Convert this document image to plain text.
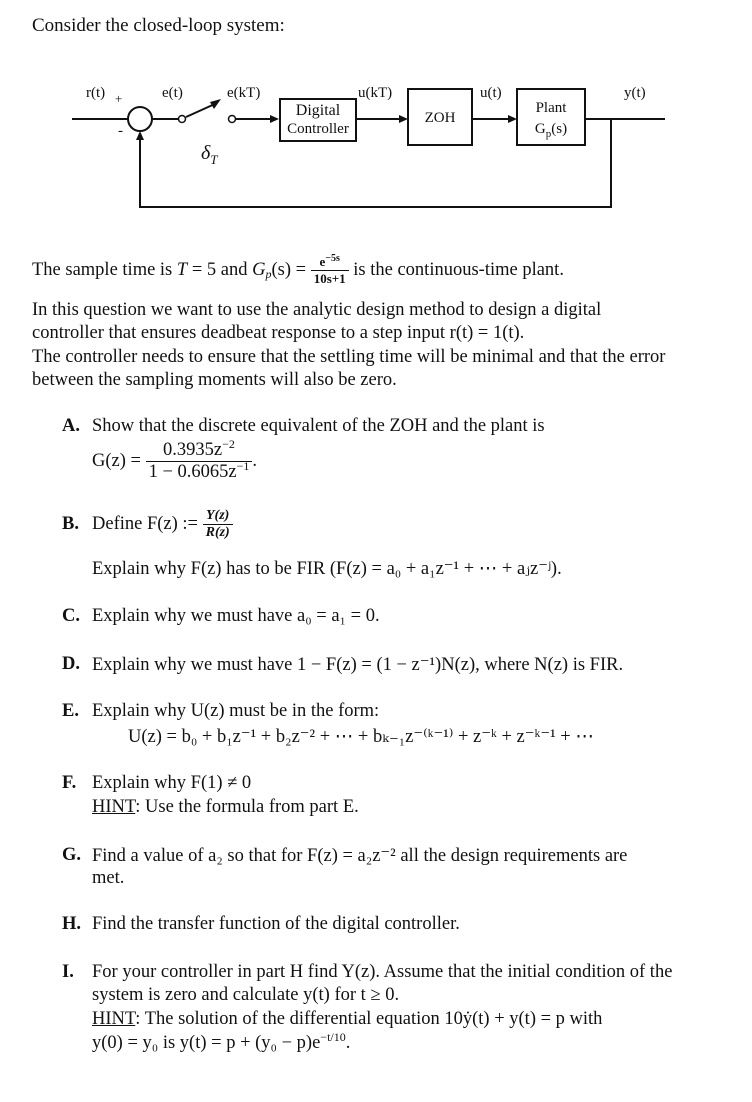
Consider the closed-loop system:
r(t) +
-
e(t)	e(kT)
$\delta_T$
Digital
Controller
u(kT)
ZOH
u(t)
Plant
$G_p(s)$
y(t)
The sample time is T = 5 and $G_p(s) = \frac{e^{-5s}}{10s+1}$ is the continuous-time plant.
In this question we want to use the analytic design method to design a digital
controller that ensures deadbeat response to a step input r(t) = 1(t).
The controller needs to ensure that the settling time will be minimal and that the error
between the sampling moments will also be zero.
A. Show that the discrete equivalent of the ZOH and the plant is
$G(z) = \frac{0.3935z^{-2}}{1 - 0.6065z^{-1}}$ .
B. Define F(z) := $\frac{Y(z)}{R(z)}$
Explain why F(z) has to be FIR (F(z) = a₀ + a₁z⁻¹ + ⋯ + aⱼz⁻ʲ).
C. Explain why we must have a₀ = a₁ = 0.
D. Explain why we must have 1 − F(z) = (1 − z⁻¹)N(z), where N(z) is FIR.
E. Explain why U(z) must be in the form:
U(z) = b₀ + b₁z⁻¹ + b₂z⁻² + ⋯ + bₖ₋₁z⁻⁽ᵏ⁻¹⁾ + z⁻ᵏ + z⁻ᵏ⁻¹ + ⋯
F. Explain why F(1) ≠ 0
HINT: Use the formula from part E.
G. Find a value of a₂ so that for F(z) = a₂z⁻² all the design requirements are
met.
H. Find the transfer function of the digital controller.
I. For your controller in part H find Y(z). Assume that the initial condition of the
system is zero and calculate y(t) for t ≥ 0.
HINT: The solution of the differential equation 10ẏ(t) + y(t) = p with
y(0) = y₀ is $y(t) = p + (y_0 - p)e^{-t/10}$.
